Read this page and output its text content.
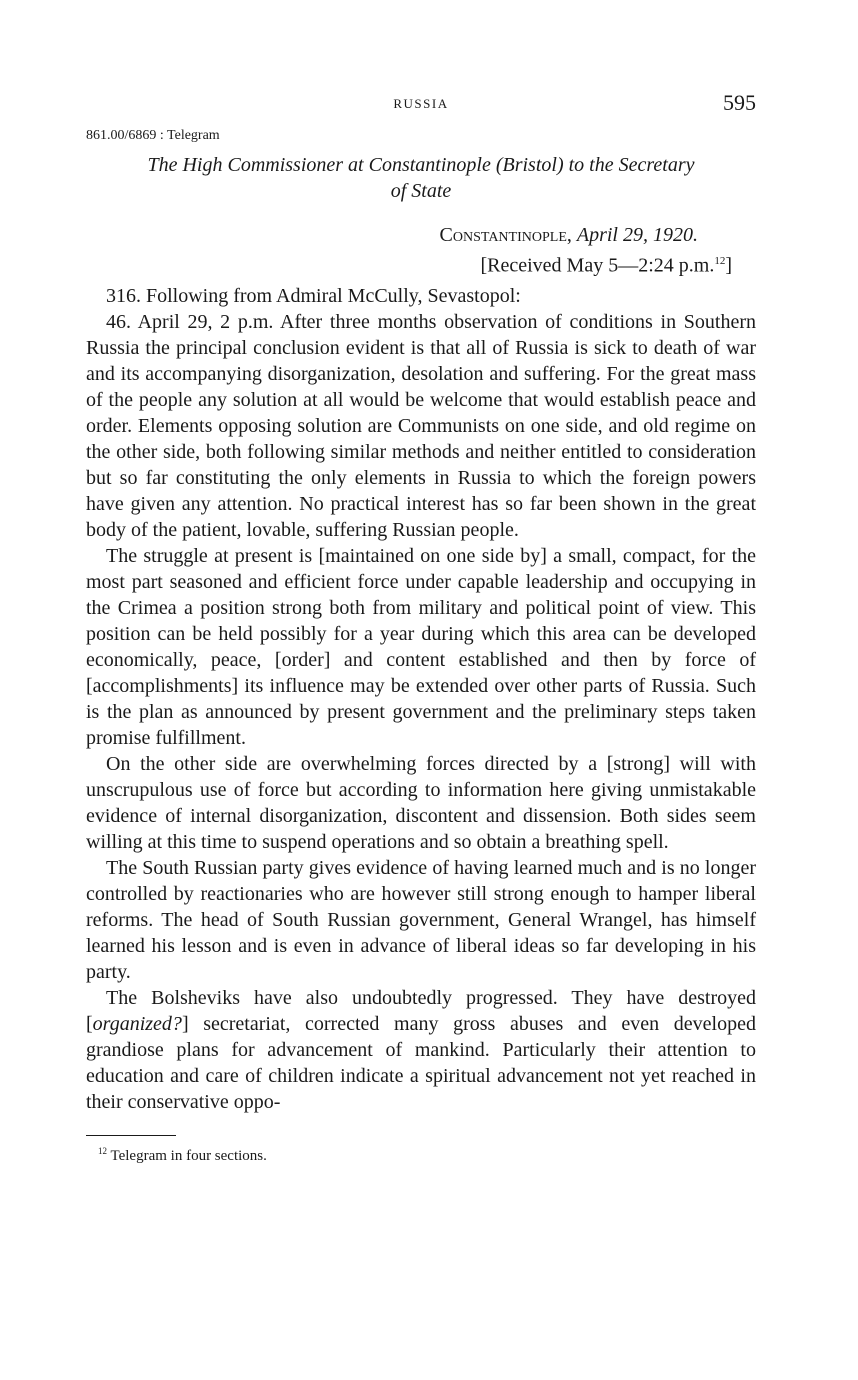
RUSSIA	595
861.00/6869 : Telegram
The High Commissioner at Constantinople (Bristol) to the Secretary
of State
Constantinople, April 29, 1920.
[Received May 5—2:24 p.m.$^{12}$]

316. Following from Admiral McCully, Sevastopol:

46. April 29, 2 p.m. After three months observation of conditions in Southern Russia the principal conclusion evident is that all of Russia is sick to death of war and its accompanying disorganization, desolation and suffering. For the great mass of the people any solution at all would be welcome that would establish peace and order. Elements opposing solution are Communists on one side, and old regime on the other side, both following similar methods and neither entitled to consideration but so far constituting the only elements in Russia to which the foreign powers have given any attention. No practical interest has so far been shown in the great body of the patient, lovable, suffering Russian people.

The struggle at present is [maintained on one side by] a small, compact, for the most part seasoned and efficient force under capable leadership and occupying in the Crimea a position strong both from military and political point of view. This position can be held possibly for a year during which this area can be developed economically, peace, [order] and content established and then by force of [accomplishments] its influence may be extended over other parts of Russia. Such is the plan as announced by present government and the preliminary steps taken promise fulfillment.

On the other side are overwhelming forces directed by a [strong] will with unscrupulous use of force but according to information here giving unmistakable evidence of internal disorganization, discontent and dissension. Both sides seem willing at this time to suspend operations and so obtain a breathing spell.

The South Russian party gives evidence of having learned much and is no longer controlled by reactionaries who are however still strong enough to hamper liberal reforms. The head of South Russian government, General Wrangel, has himself learned his lesson and is even in advance of liberal ideas so far developing in his party.

The Bolsheviks have also undoubtedly progressed. They have destroyed [organized?] secretariat, corrected many gross abuses and even developed grandiose plans for advancement of mankind. Particularly their attention to education and care of children indicate a spiritual advancement not yet reached in their conservative oppo-

$^{12}$ Telegram in four sections.
